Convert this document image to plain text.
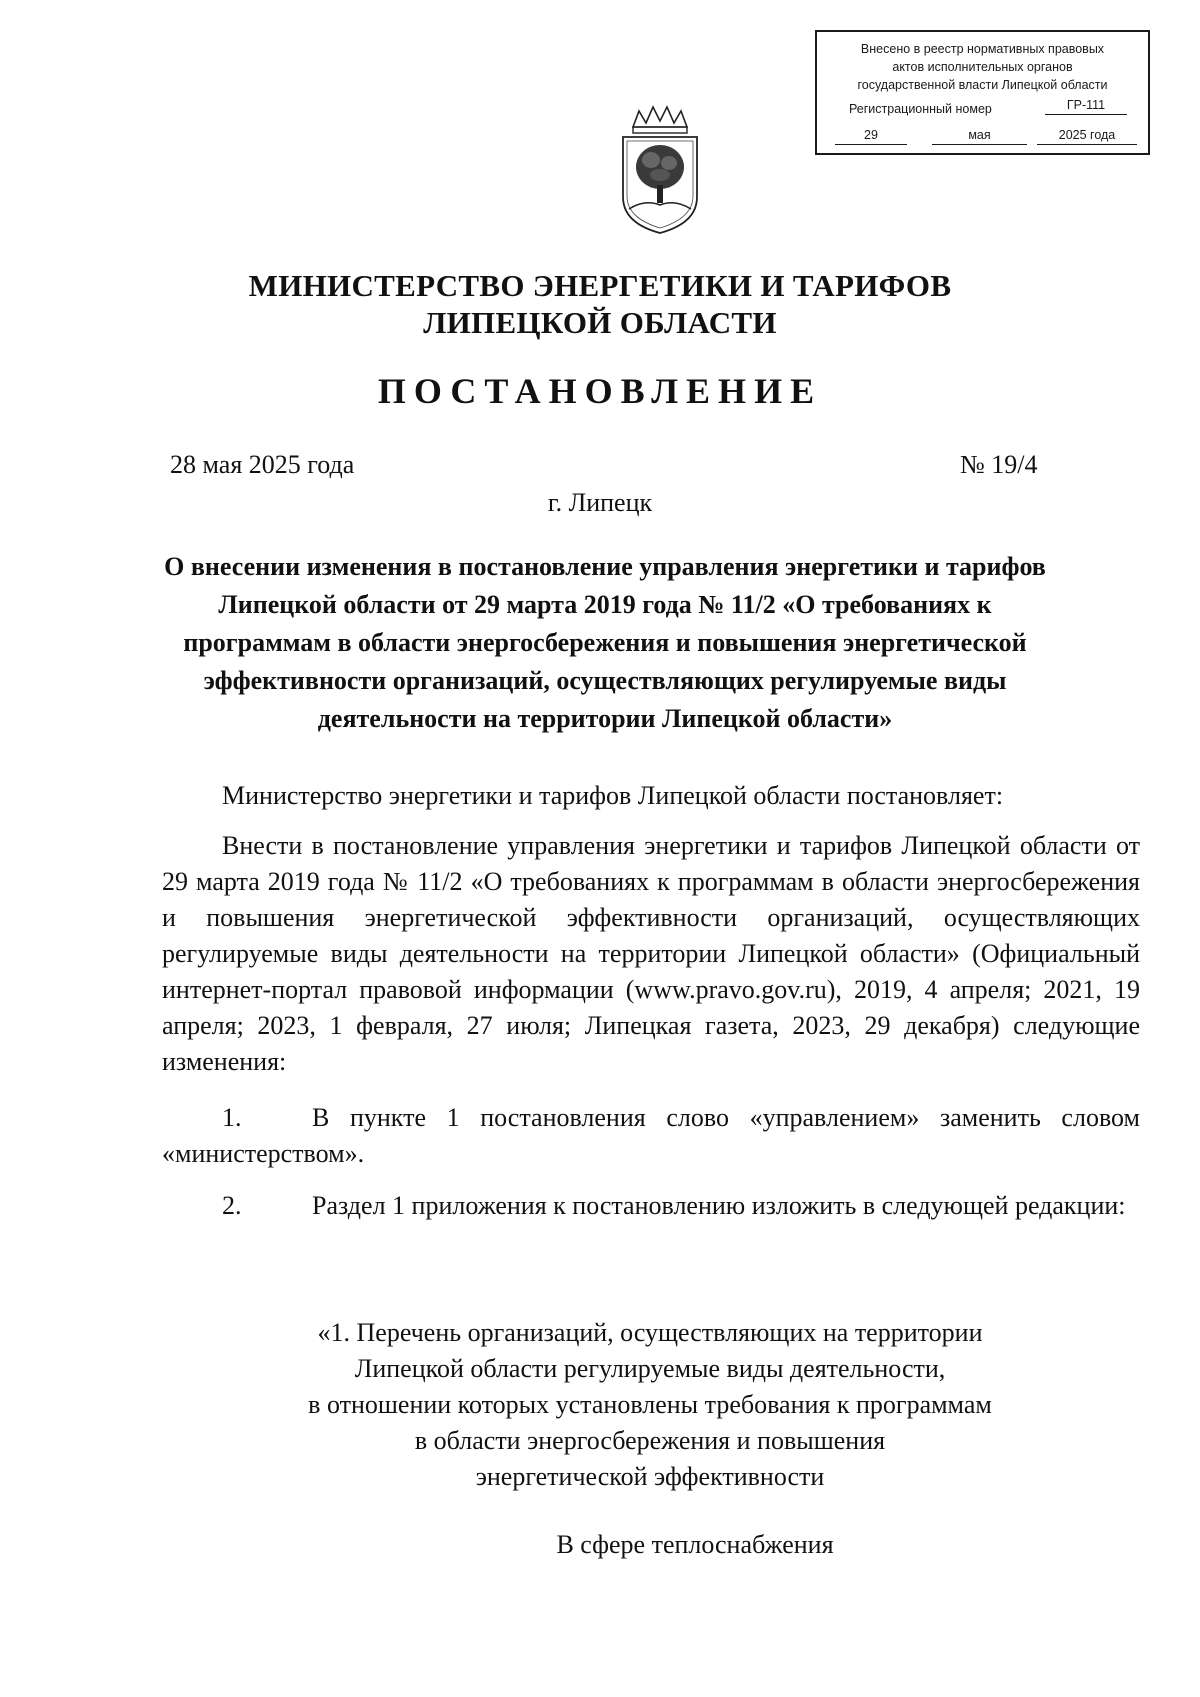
Внесено в реестр нормативных правовых
актов исполнительных органов
государственной власти Липецкой области
Регистрационный номер	ГР-111
29	мая	2025 года
МИНИСТЕРСТВО ЭНЕРГЕТИКИ И ТАРИФОВ
ЛИПЕЦКОЙ ОБЛАСТИ
ПОСТАНОВЛЕНИЕ
28 мая 2025 года	№ 19/4
г. Липецк
О внесении изменения в постановление управления энергетики и тарифов Липецкой области от 29 марта 2019 года № 11/2 «О требованиях к программам в области энергосбережения и повышения энергетической эффективности организаций, осуществляющих регулируемые виды деятельности на территории Липецкой области»
Министерство энергетики и тарифов Липецкой области постановляет:
Внести в постановление управления энергетики и тарифов Липецкой области от 29 марта 2019 года № 11/2 «О требованиях к программам в области энергосбережения и повышения энергетической эффективности организаций, осуществляющих регулируемые виды деятельности на территории Липецкой области» (Официальный интернет-портал правовой информации (www.pravo.gov.ru), 2019, 4 апреля; 2021, 19 апреля; 2023, 1 февраля, 27 июля; Липецкая газета, 2023, 29 декабря) следующие изменения:
1.	В пункте 1 постановления слово «управлением» заменить словом «министерством».
2.	Раздел 1 приложения к постановлению изложить в следующей редакции:
«1. Перечень организаций, осуществляющих на территории
Липецкой области регулируемые виды деятельности,
в отношении которых установлены требования к программам
в области энергосбережения и повышения
энергетической эффективности
В сфере теплоснабжения
